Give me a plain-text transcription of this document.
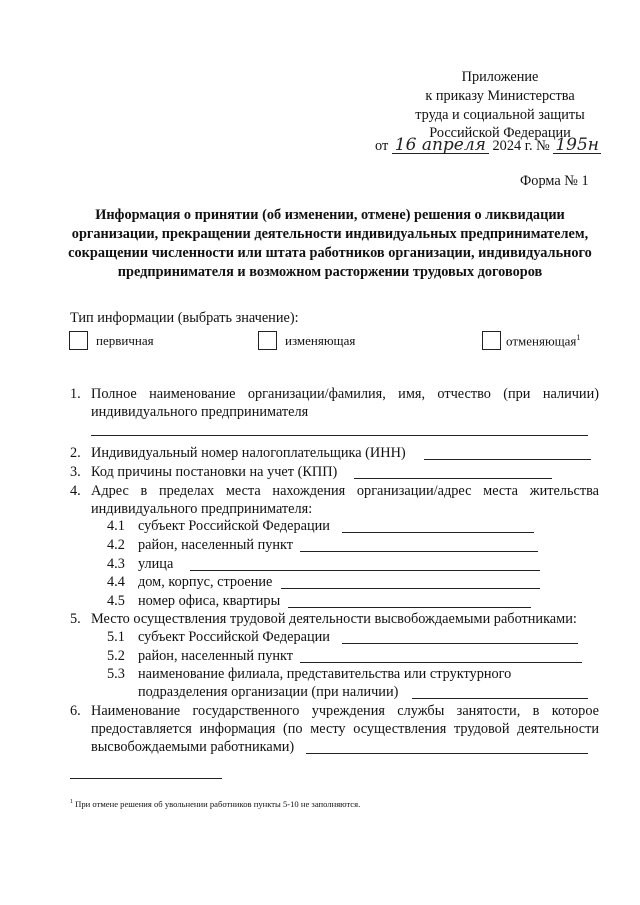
Приложение
к приказу Министерства
труда и социальной защиты
Российской Федерации
от 16 апреля 2024 г. № 195н
Форма № 1
Информация о принятии (об изменении, отмене) решения о ликвидации организации, прекращении деятельности индивидуальных предпринимателем, сокращении численности или штата работников организации, индивидуального предпринимателя и возможном расторжении трудовых договоров
Тип информации (выбрать значение):
первичная	изменяющая	отменяющая$^1$
1. Полное наименование организации/фамилия, имя, отчество (при наличии)
индивидуального предпринимателя
2. Индивидуальный номер налогоплательщика (ИНН)
3. Код причины постановки на учет (КПП)
4. Адрес в пределах места нахождения организации/адрес места жительства
индивидуального предпринимателя:
4.1 субъект Российской Федерации
4.2 район, населенный пункт
4.3 улица
4.4 дом, корпус, строение
4.5 номер офиса, квартиры
5. Место осуществления трудовой деятельности высвобождаемыми работниками:
5.1 субъект Российской Федерации
5.2 район, населенный пункт
5.3 наименование филиала, представительства или структурного
подразделения организации (при наличии)
6. Наименование государственного учреждения службы занятости, в которое
предоставляется информация (по месту осуществления трудовой деятельности
высвобождаемыми работниками)
$^1$ При отмене решения об увольнении работников пункты 5-10 не заполняются.
